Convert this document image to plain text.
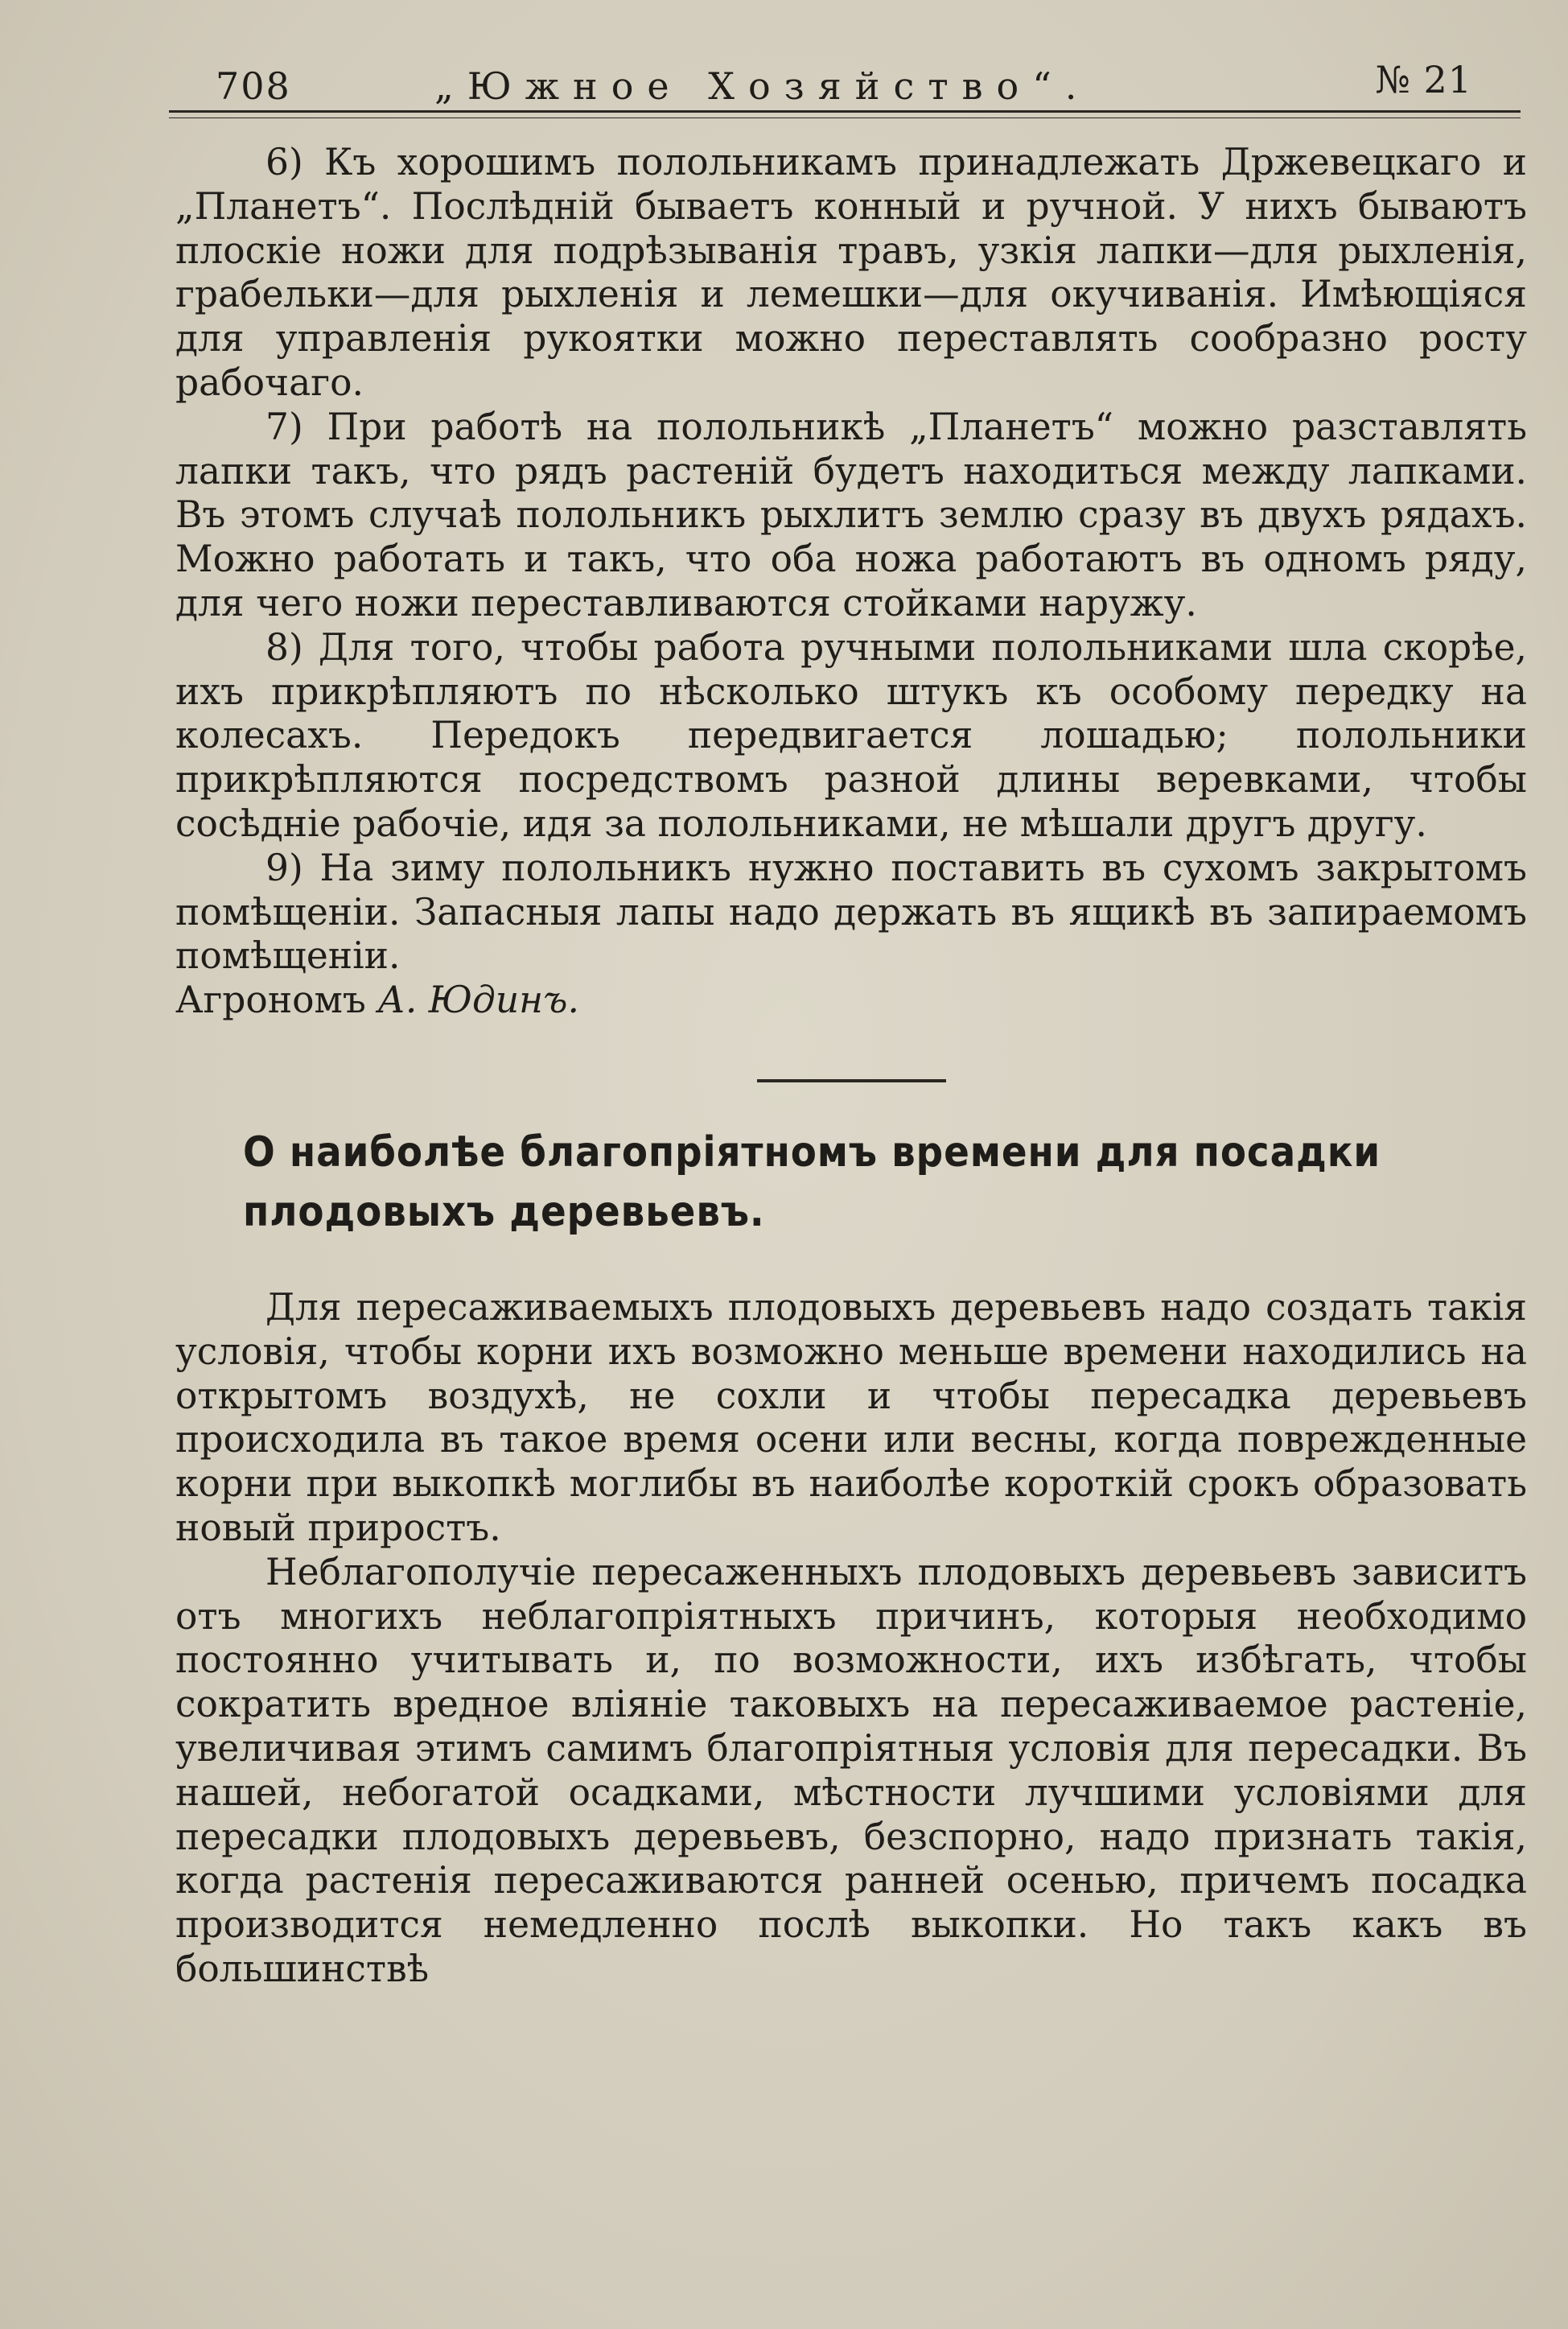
708	„Южное Хозяйство“.	№ 21

6) Къ хорошимъ полольникамъ принадлежать Држевецкаго и „Планетъ“. Послѣднiй бываетъ конный и ручной. У нихъ бываютъ плоскiе ножи для подрѣзыванiя травъ, узкiя лапки—для рыхленiя, грабельки—для рыхленiя и лемешки—для окучиванiя. Имѣющiяся для управленiя рукоятки можно переставлять сообразно росту рабочаго.

7) При работѣ на полольникѣ „Планетъ“ можно разставлять лапки такъ, что рядъ растенiй будетъ находиться между лапками. Въ этомъ случаѣ полольникъ рыхлитъ землю сразу въ двухъ рядахъ. Можно работать и такъ, что оба ножа работаютъ въ одномъ ряду, для чего ножи переставливаются стойками наружу.

8) Для того, чтобы работа ручными полольниками шла скорѣе, ихъ прикрѣпляютъ по нѣсколько штукъ къ особому передку на колесахъ. Передокъ передвигается лошадью; полольники прикрѣпляются посредствомъ разной длины веревками, чтобы сосѣднiе рабочiе, идя за полольниками, не мѣшали другъ другу.

9) На зиму полольникъ нужно поставить въ сухомъ закрытомъ помѣщенiи. Запасныя лапы надо держать въ ящикѣ въ запираемомъ помѣщенiи.

Агрономъ А. Юдинъ.

О наиболѣе благопрiятномъ времени для посадки

плодовыхъ деревьевъ.

Для пересаживаемыхъ плодовыхъ деревьевъ надо создать такiя условiя, чтобы корни ихъ возможно меньше времени находились на открытомъ воздухѣ, не сохли и чтобы пересадка деревьевъ происходила въ такое время осени или весны, когда поврежденные корни при выкопкѣ моглибы въ наиболѣе короткiй срокъ образовать новый приростъ.

Неблагополучiе пересаженныхъ плодовыхъ деревьевъ зависитъ отъ многихъ неблагопрiятныхъ причинъ, которыя необходимо постоянно учитывать и, по возможности, ихъ избѣгать, чтобы сократить вредное влiянiе таковыхъ на пересаживаемое растенiе, увеличивая этимъ самимъ благопрiятныя условiя для пересадки. Въ нашей, небогатой осадками, мѣстности лучшими условiями для пересадки плодовыхъ деревьевъ, безспорно, надо признать такiя, когда растенiя пересаживаются ранней осенью, причемъ посадка производится немедленно послѣ выкопки. Но такъ какъ въ большинствѣ
